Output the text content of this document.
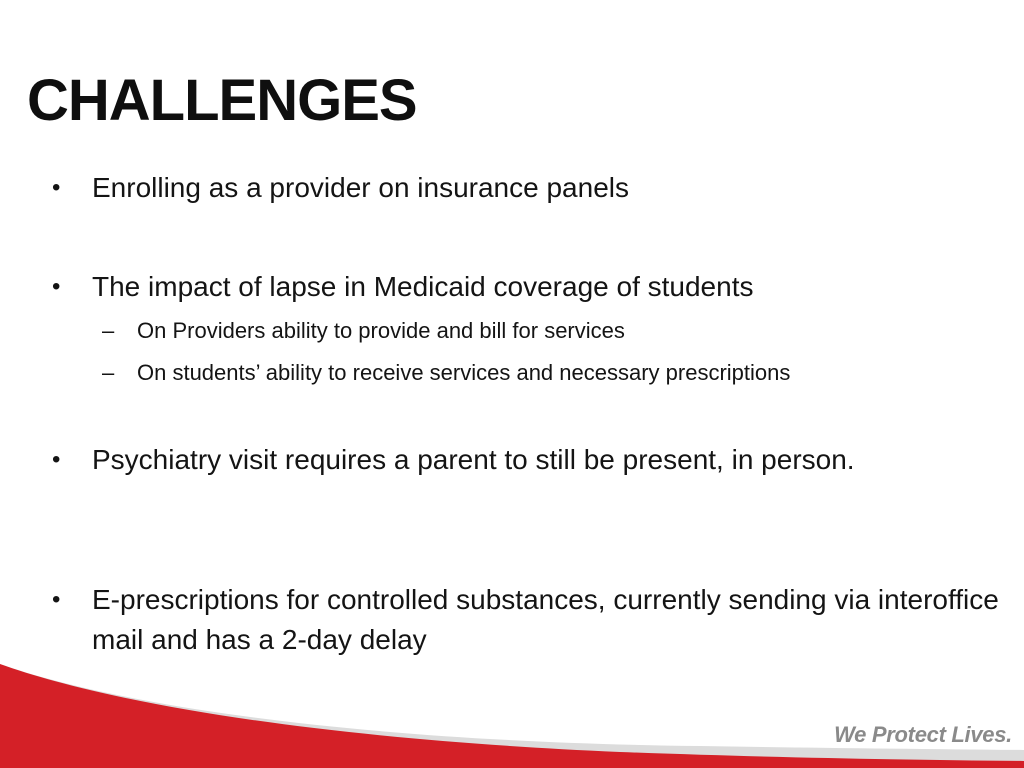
CHALLENGES
•	Enrolling as a provider on insurance panels
•	The impact of lapse in Medicaid coverage of students
– On Providers ability to provide and bill for services
– On students’ ability to receive services and necessary prescriptions
•	Psychiatry visit requires a parent to still be present, in person.
•	E-prescriptions for controlled substances, currently sending via interoffice mail and has a 2-day delay
We Protect Lives.
